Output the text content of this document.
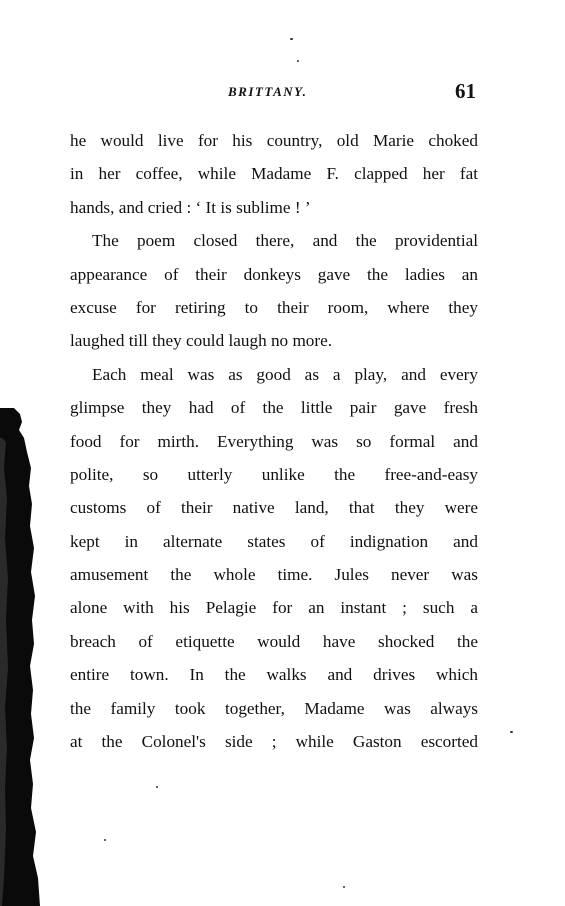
BRITTANY.	61
he would live for his country, old Marie choked
in her coffee, while Madame F. clapped her fat
hands, and cried : ‘ It is sublime ! ’
The poem closed there, and the providential
appearance of their donkeys gave the ladies an
excuse for retiring to their room, where they
laughed till they could laugh no more.
Each meal was as good as a play, and every
glimpse they had of the little pair gave fresh
food for mirth. Everything was so formal and
polite, so utterly unlike the free-and-easy
customs of their native land, that they were
kept in alternate states of indignation and
amusement the whole time. Jules never was
alone with his Pelagie for an instant ; such a
breach of etiquette would have shocked the
entire town. In the walks and drives which
the family took together, Madame was always
at the Colonel's side ; while Gaston escorted
